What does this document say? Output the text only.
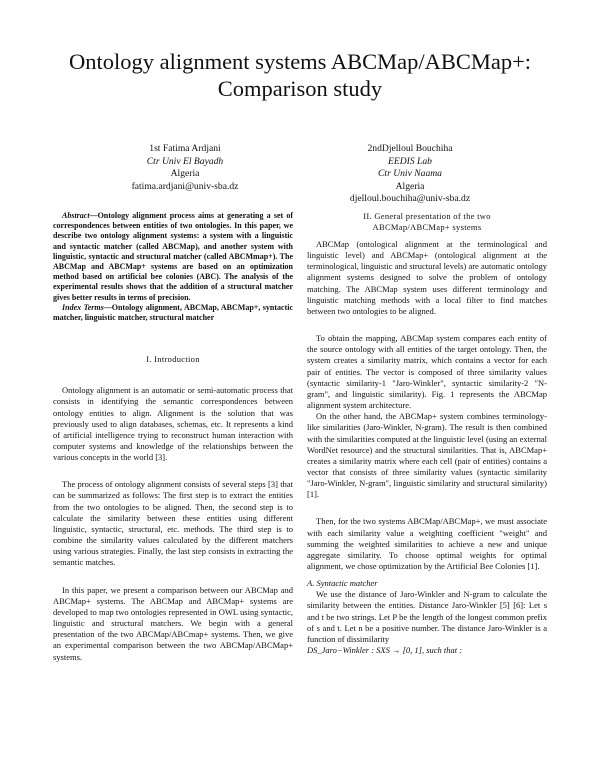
Ontology alignment systems ABCMap/ABCMap+:
Comparison study
1st Fatima Ardjani
Ctr Univ El Bayadh
Algeria
fatima.ardjani@univ-sba.dz
2ndDjelloul Bouchiha
EEDIS Lab
Ctr Univ Naama
Algeria
djelloul.bouchiha@univ-sba.dz

Abstract—Ontology alignment process aims at generating a set of correspondences between entities of two ontologies. In this paper, we describe two ontology alignment systems: a system with a linguistic and syntactic matcher (called ABCMap), and another system with linguistic, syntactic and structural matcher (called ABCMmap+). The ABCMap and ABCMap+ systems are based on an optimization method based on artificial bee colonies (ABC). The analysis of the experimental results shows that the addition of a structural matcher gives better results in terms of precision.

Index Terms—Ontology alignment, ABCMap, ABCMap+, syntactic matcher, linguistic matcher, structural matcher

I. Introduction

Ontology alignment is an automatic or semi-automatic process that consists in identifying the semantic correspondences between ontology entities to align. Alignment is the solution that was previously used to align databases, schemas, etc. It represents a kind of artificial intelligence trying to reconstruct human interaction with computer systems and knowledge of the relationships between the various concepts in the world [3].

The process of ontology alignment consists of several steps [3] that can be summarized as follows: The first step is to extract the entities from the two ontologies to be aligned. Then, the second step is to calculate the similarity between these entities using different linguistic, syntactic, structural, etc. methods. The third step is to combine the similarity values calculated by the different matchers using various strategies. Finally, the last step consists in extracting the semantic matches.

In this paper, we present a comparison between our ABCMap and ABCMap+ systems. The ABCMap and ABCMap+ systems are developed to map two ontologies represented in OWL using syntactic, linguistic and structural matchers. We begin with a general presentation of the two ABCMap/ABCmap+ systems. Then, we give an experimental comparison between the two ABCMap/ABCMap+ systems.

II. General presentation of the two
ABCMap/ABCMap+ systems

ABCMap (ontological alignment at the terminological and linguistic level) and ABCMap+ (ontological alignment at the terminological, linguistic and structural levels) are automatic ontology alignment systems designed to solve the problem of ontology matching. The ABCMap system uses different terminology and linguistic matching methods with a local filter to find matches between two ontologies to be aligned.

To obtain the mapping, ABCMap system compares each entity of the source ontology with all entities of the target ontology. Then, the system creates a similarity matrix, which contains a vector for each pair of entities. The vector is composed of three similarity values (syntactic similarity-1 "Jaro-Winkler", syntactic similarity-2 "N-gram", and linguistic similarity). Fig. 1 represents the ABCMap alignment system architecture.

On the other hand, the ABCMap+ system combines terminology-like similarities (Jaro-Winkler, N-gram). The result is then combined with the similarities computed at the linguistic level (using an external WordNet resource) and the structural similarities. That is, ABCMap+ creates a similarity matrix where each cell (pair of entities) contains a vector that consists of three similarity values (syntactic similarity "Jaro-Winkler, N-gram", linguistic similarity and structural similarity) [1].

Then, for the two systems ABCMap/ABCMap+, we must associate with each similarity value a weighting coefficient "weight" and summing the weighted similarities to achieve a new and unique aggregate similarity. To choose optimal weights for optimal alignment, we chose optimization by the Artificial Bee Colonies [1].

A. Syntactic matcher

We use the distance of Jaro-Winkler and N-gram to calculate the similarity between the entities. Distance Jaro-Winkler [5] [6]: Let s and t be two strings. Let P be the length of the longest common prefix of s and t. Let n be a positive number. The distance Jaro-Winkler is a function of dissimilarity

DS_Jaro−Winkler : SXS → [0, 1], such that :
